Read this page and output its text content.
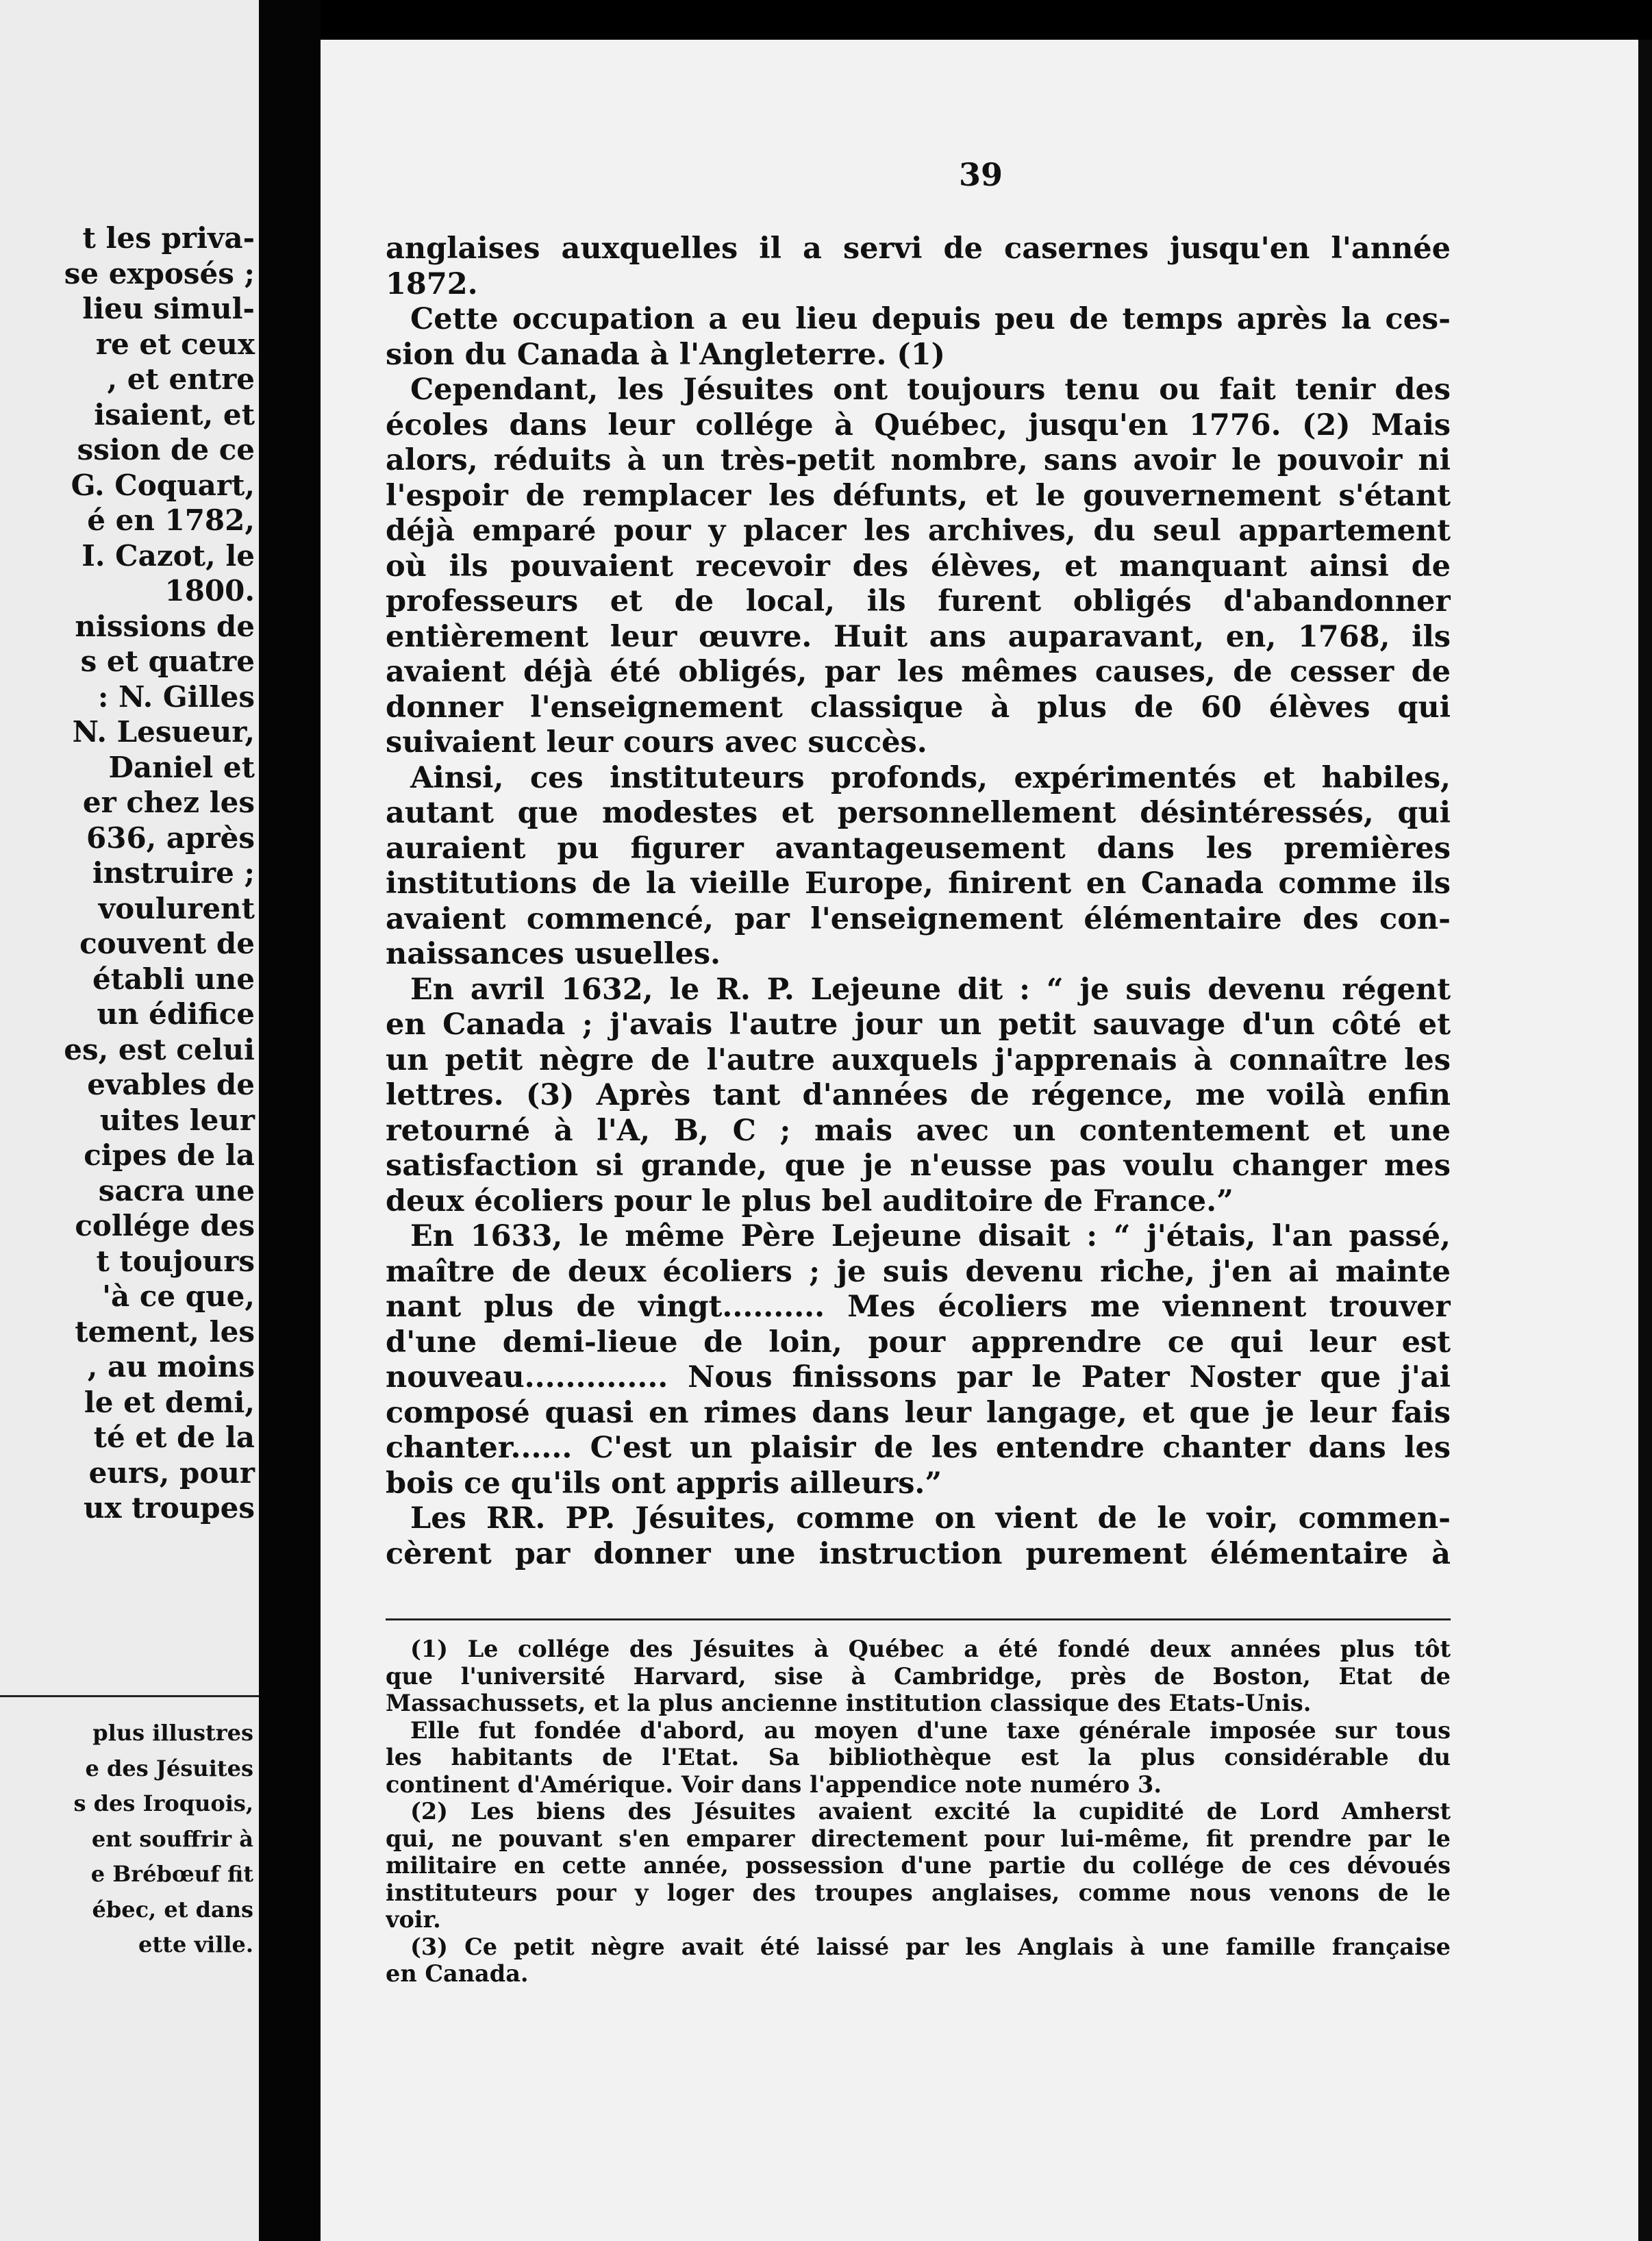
t les priva-
se exposés ;
lieu simul-
re et ceux
, et entre
isaient, et
ssion de ce
G. Coquart,
é en 1782,
I. Cazot, le
1800.
nissions de
s et quatre
: N. Gilles
N. Lesueur,
Daniel et
er chez les
636, après
instruire ;
voulurent
couvent de
établi une
un édifice
es, est celui
evables de
uites leur
cipes de la
sacra une
collége des
t toujours
'à ce que,
tement, les
, au moins
le et demi,
té et de la
eurs, pour
ux troupes
plus illustres
e des Jésuites
s des Iroquois,
ent souffrir à
e Brébœuf fit
ébec, et dans
ette ville.
39
anglaises auxquelles il a servi de casernes jusqu'en l'année
1872.
Cette occupation a eu lieu depuis peu de temps après la ces-
sion du Canada à l'Angleterre. (1)
Cependant, les Jésuites ont toujours tenu ou fait tenir des
écoles dans leur collége à Québec, jusqu'en 1776. (2) Mais
alors, réduits à un très-petit nombre, sans avoir le pouvoir ni
l'espoir de remplacer les défunts, et le gouvernement s'étant
déjà emparé pour y placer les archives, du seul appartement
où ils pouvaient recevoir des élèves, et manquant ainsi de
professeurs et de local, ils furent obligés d'abandonner
entièrement leur œuvre. Huit ans auparavant, en, 1768, ils
avaient déjà été obligés, par les mêmes causes, de cesser de
donner l'enseignement classique à plus de 60 élèves qui
suivaient leur cours avec succès.
Ainsi, ces instituteurs profonds, expérimentés et habiles,
autant que modestes et personnellement désintéressés, qui
auraient pu figurer avantageusement dans les premières
institutions de la vieille Europe, finirent en Canada comme ils
avaient commencé, par l'enseignement élémentaire des con-
naissances usuelles.
En avril 1632, le R. P. Lejeune dit : “ je suis devenu régent
en Canada ; j'avais l'autre jour un petit sauvage d'un côté et
un petit nègre de l'autre auxquels j'apprenais à connaître les
lettres. (3) Après tant d'années de régence, me voilà enfin
retourné à l'A, B, C ; mais avec un contentement et une
satisfaction si grande, que je n'eusse pas voulu changer mes
deux écoliers pour le plus bel auditoire de France.”
En 1633, le même Père Lejeune disait : “ j'étais, l'an passé,
maître de deux écoliers ; je suis devenu riche, j'en ai mainte
nant plus de vingt.......... Mes écoliers me viennent trouver
d'une demi-lieue de loin, pour apprendre ce qui leur est
nouveau.............. Nous finissons par le Pater Noster que j'ai
composé quasi en rimes dans leur langage, et que je leur fais
chanter...... C'est un plaisir de les entendre chanter dans les
bois ce qu'ils ont appris ailleurs.”
Les RR. PP. Jésuites, comme on vient de le voir, commen-
cèrent par donner une instruction purement élémentaire à
(1) Le collége des Jésuites à Québec a été fondé deux années plus tôt
que l'université Harvard, sise à Cambridge, près de Boston, Etat de
Massachussets, et la plus ancienne institution classique des Etats-Unis.
Elle fut fondée d'abord, au moyen d'une taxe générale imposée sur tous
les habitants de l'Etat. Sa bibliothèque est la plus considérable du
continent d'Amérique. Voir dans l'appendice note numéro 3.
(2) Les biens des Jésuites avaient excité la cupidité de Lord Amherst
qui, ne pouvant s'en emparer directement pour lui-même, fit prendre par le
militaire en cette année, possession d'une partie du collége de ces dévoués
instituteurs pour y loger des troupes anglaises, comme nous venons de le
voir.
(3) Ce petit nègre avait été laissé par les Anglais à une famille française
en Canada.
